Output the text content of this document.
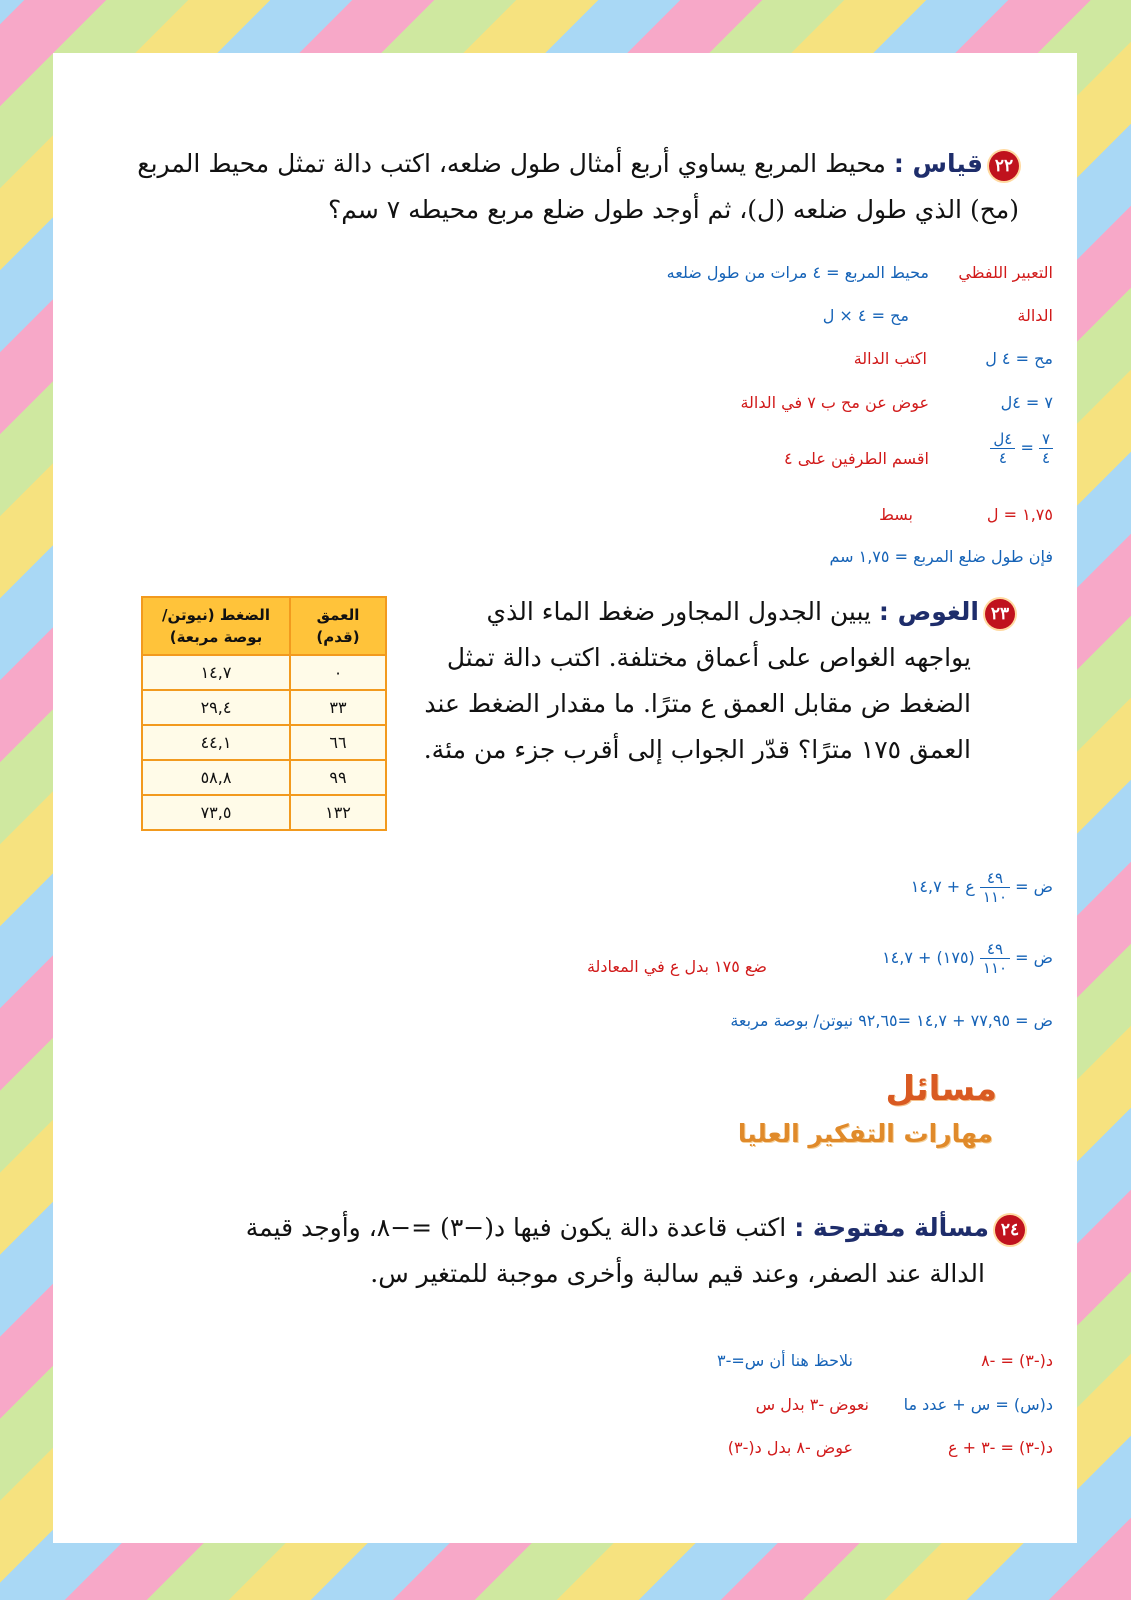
٢٢قياس : محيط المربع يساوي أربع أمثال طول ضلعه، اكتب دالة تمثل محيط المربع
(مح) الذي طول ضلعه (ل)، ثم أوجد طول ضلع مربع محيطه ٧ سم؟
التعبير اللفظي
محيط المربع = ٤ مرات من طول ضلعه
الدالة
مح = ٤ × ل
مح = ٤ ل
اكتب الدالة
٧ = ٤ل
عوض عن مح ب ٧ في الدالة
$\frac{٧}{٤}$
=
$\frac{\text{٤ل}}{٤}$
اقسم الطرفين على ٤
١,٧٥ = ل
بسط
فإن طول ضلع المربع = ١,٧٥ سم
٢٣الغوص : يبين الجدول المجاور ضغط الماء الذي
يواجهه الغواص على أعماق مختلفة. اكتب دالة تمثل
الضغط ض مقابل العمق ع مترًا. ما مقدار الضغط عند
العمق ١٧٥ مترًا؟ قدّر الجواب إلى أقرب جزء من مئة.
العمق (قدم)	الضغط (نيوتن/بوصة مربعة)
٠	١٤,٧
٣٣	٢٩,٤
٦٦	٤٤,١
٩٩	٥٨,٨
١٣٢	٧٣,٥
ض =
$\frac{٤٩}{١١٠}$
ع + ١٤,٧
ض =
$\frac{٤٩}{١١٠}$
(١٧٥) + ١٤,٧
ضع ١٧٥ بدل ع في المعادلة
ض = ٧٧,٩٥ + ١٤,٧ =٩٢,٦٥ نيوتن/ بوصة مربعة
مسائل
مهارات التفكير العليا
٢٤مسألة مفتوحة : اكتب قاعدة دالة يكون فيها د(−٣) =−٨، وأوجد قيمة
الدالة عند الصفر، وعند قيم سالبة وأخرى موجبة للمتغير س.
د(-٣) = -٨
نلاحظ هنا أن س=-٣
د(س) = س + عدد ما
نعوض -٣ بدل س
د(-٣) = -٣ + ع
عوض -٨ بدل د(-٣)
